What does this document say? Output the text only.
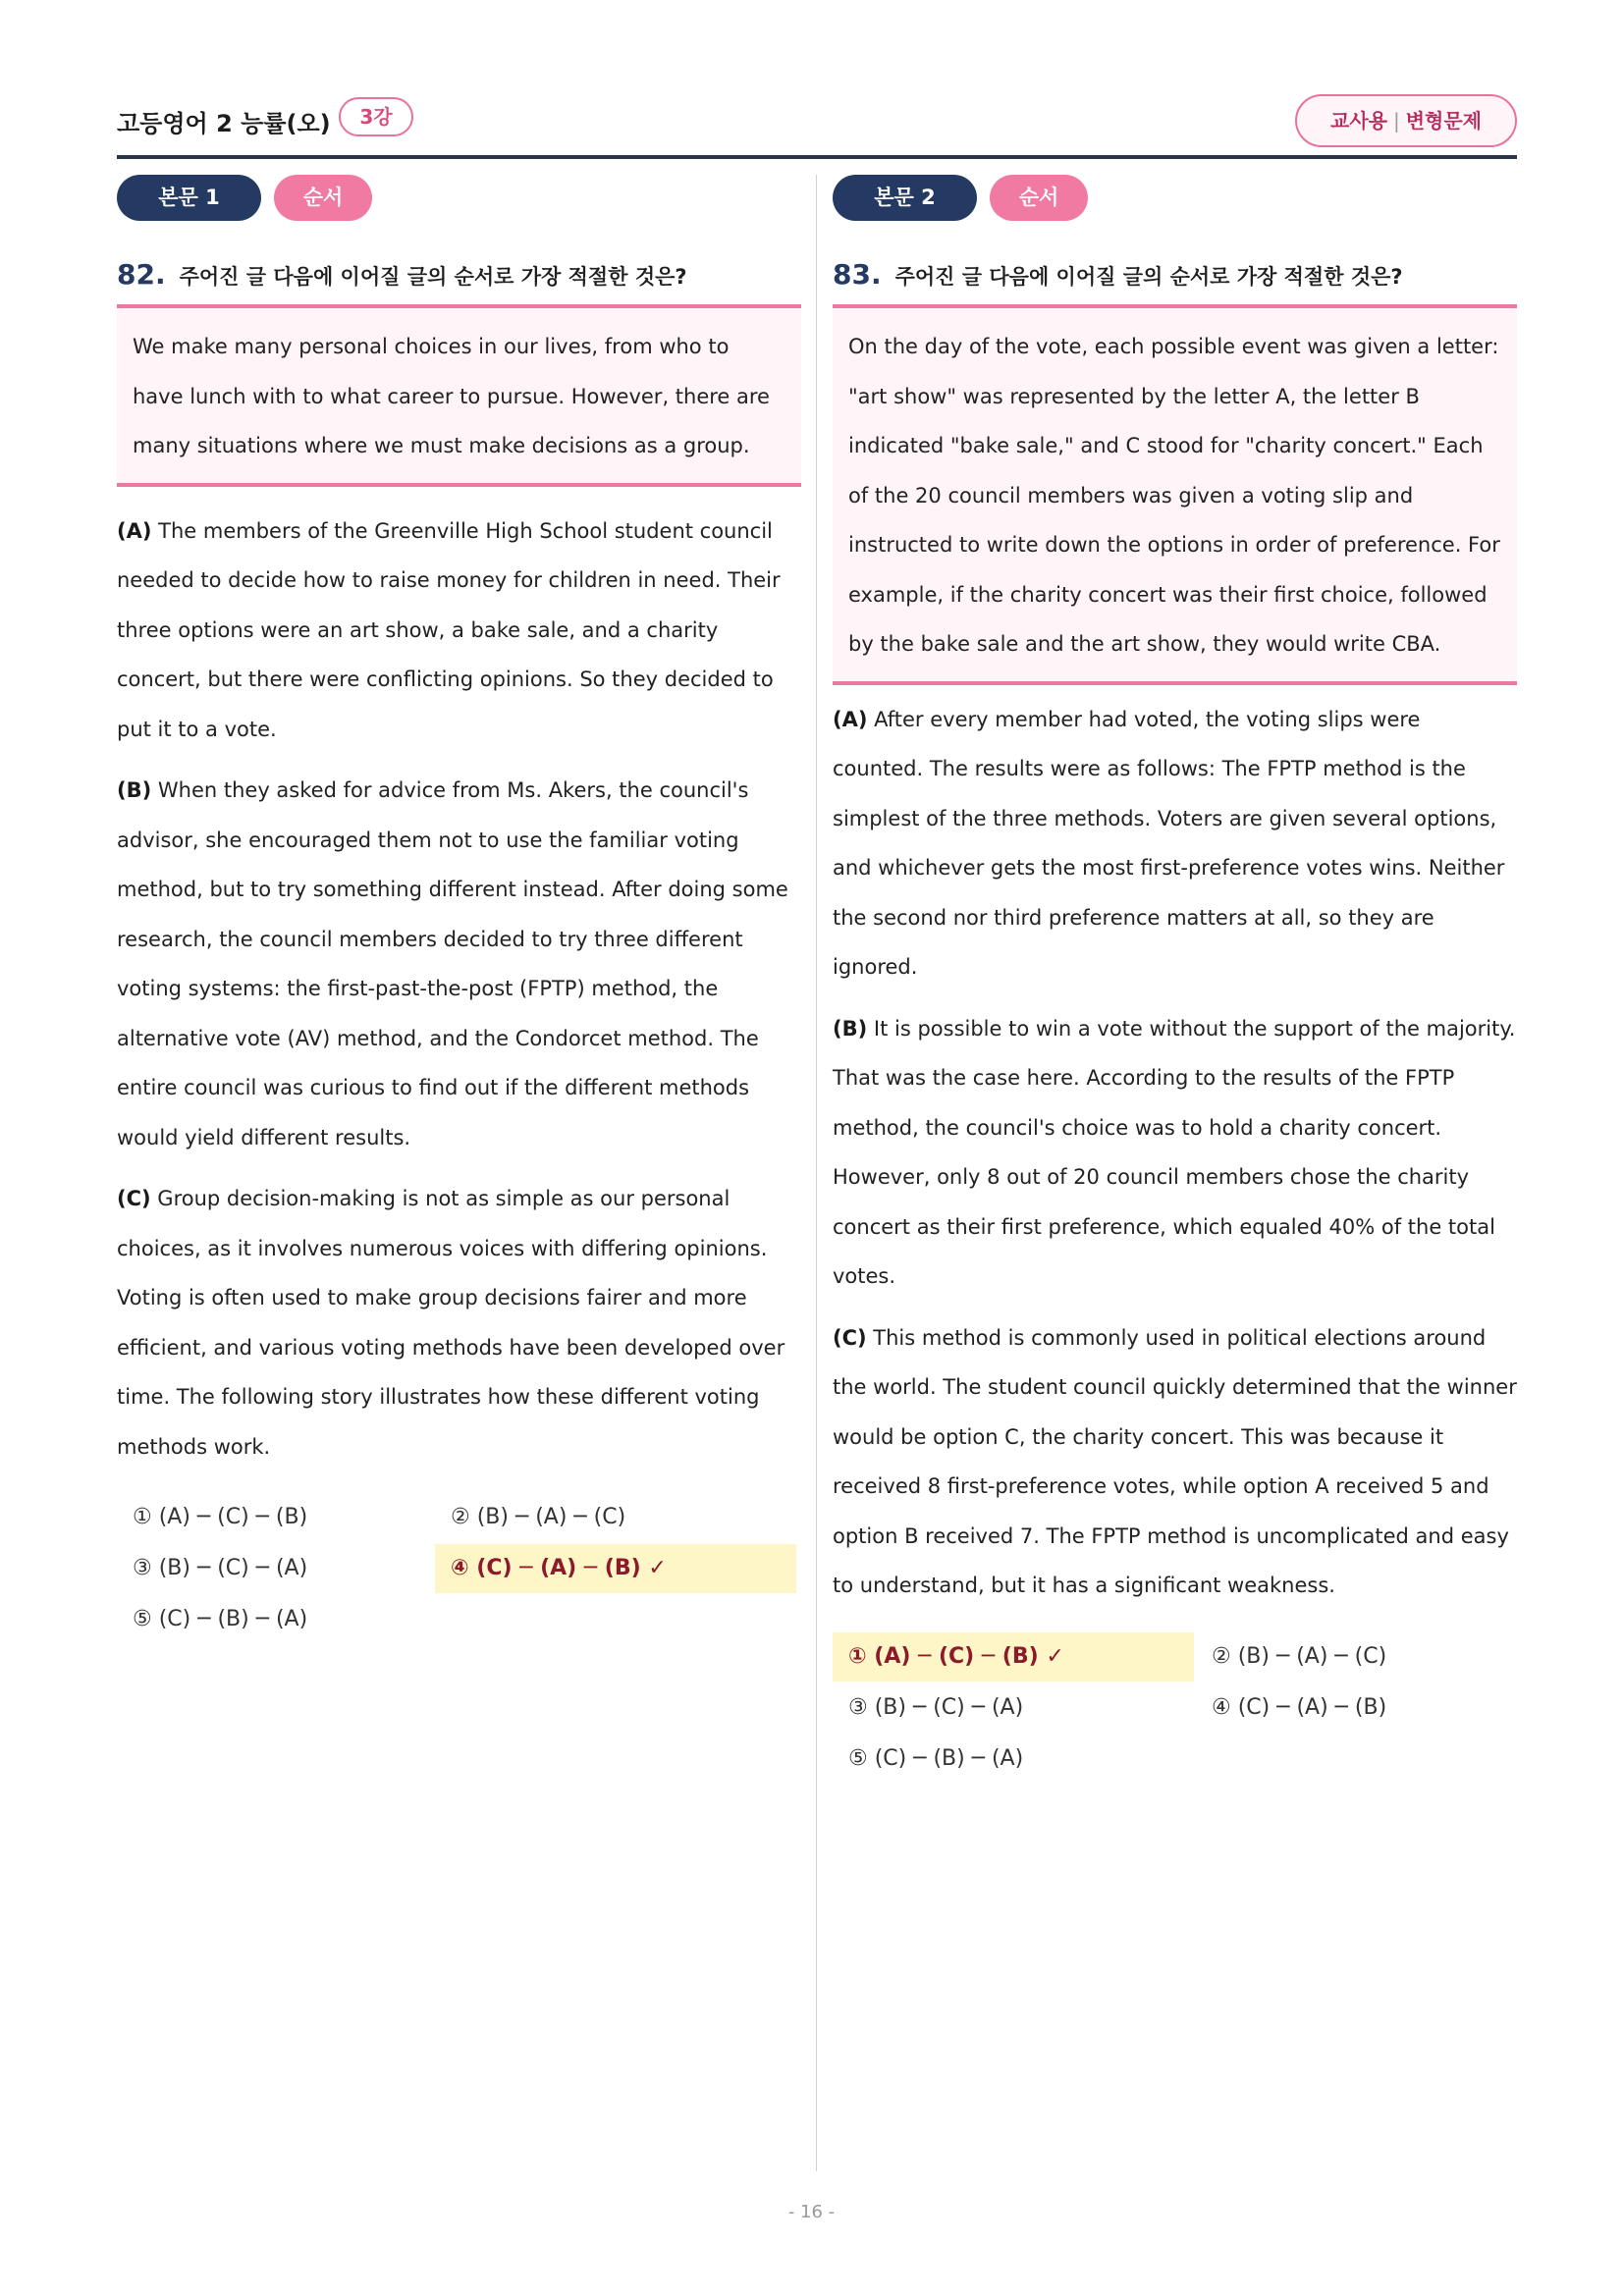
고등영어 2 능률(오)	3강	교사용 | 변형문제
본문 1	순서
82. 주어진 글 다음에 이어질 글의 순서로 가장 적절한 것은?

We make many personal choices in our lives, from who to have lunch with to what career to pursue. However, there are many situations where we must make decisions as a group.

(A) The members of the Greenville High School student council needed to decide how to raise money for children in need. Their three options were an art show, a bake sale, and a charity concert, but there were conflicting opinions. So they decided to put it to a vote.

(B) When they asked for advice from Ms. Akers, the council's advisor, she encouraged them not to use the familiar voting method, but to try something different instead. After doing some research, the council members decided to try three different voting systems: the first-past-the-post (FPTP) method, the alternative vote (AV) method, and the Condorcet method. The entire council was curious to find out if the different methods would yield different results.

(C) Group decision-making is not as simple as our personal choices, as it involves numerous voices with differing opinions. Voting is often used to make group decisions fairer and more efficient, and various voting methods have been developed over time. The following story illustrates how these different voting methods work.

① (A) ─ (C) ─ (B)	② (B) ─ (A) ─ (C)
③ (B) ─ (C) ─ (A)	④ (C) ─ (A) ─ (B) ✓
⑤ (C) ─ (B) ─ (A)
본문 2	순서
83. 주어진 글 다음에 이어질 글의 순서로 가장 적절한 것은?

On the day of the vote, each possible event was given a letter: "art show" was represented by the letter A, the letter B indicated "bake sale," and C stood for "charity concert." Each of the 20 council members was given a voting slip and instructed to write down the options in order of preference. For example, if the charity concert was their first choice, followed by the bake sale and the art show, they would write CBA.

(A) After every member had voted, the voting slips were counted. The results were as follows: The FPTP method is the simplest of the three methods. Voters are given several options, and whichever gets the most first-preference votes wins. Neither the second nor third preference matters at all, so they are ignored.

(B) It is possible to win a vote without the support of the majority. That was the case here. According to the results of the FPTP method, the council's choice was to hold a charity concert. However, only 8 out of 20 council members chose the charity concert as their first preference, which equaled 40% of the total votes.

(C) This method is commonly used in political elections around the world. The student council quickly determined that the winner would be option C, the charity concert. This was because it received 8 first-preference votes, while option A received 5 and option B received 7. The FPTP method is uncomplicated and easy to understand, but it has a significant weakness.

① (A) ─ (C) ─ (B) ✓	② (B) ─ (A) ─ (C)
③ (B) ─ (C) ─ (A)	④ (C) ─ (A) ─ (B)
⑤ (C) ─ (B) ─ (A)
- 16 -
